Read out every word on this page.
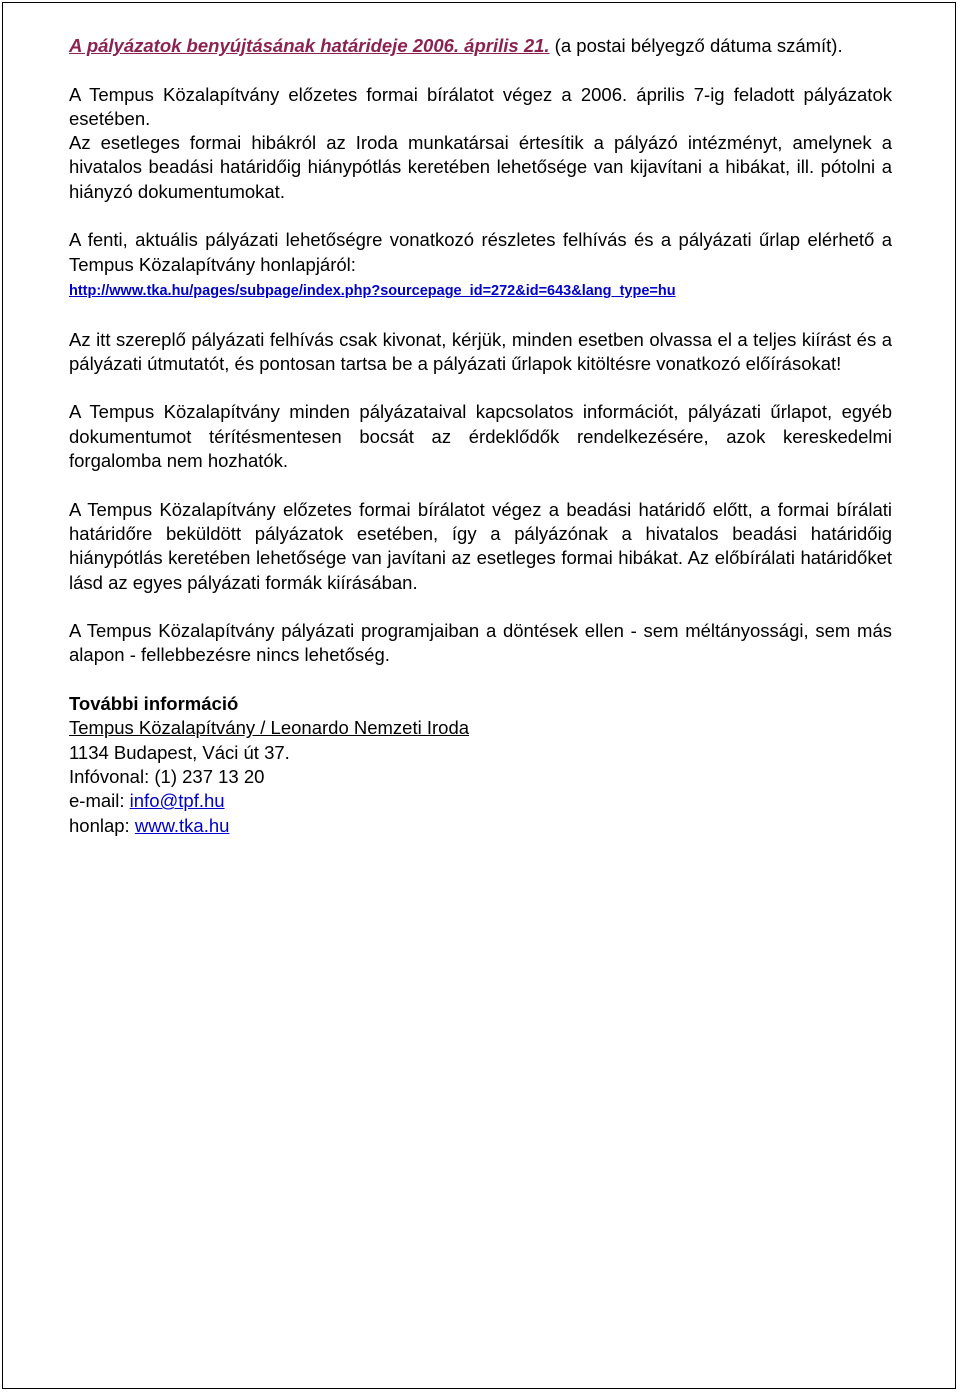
A pályázatok benyújtásának határideje 2006. április 21. (a postai bélyegző dátuma számít).

A Tempus Közalapítvány előzetes formai bírálatot végez a 2006. április 7-ig feladott pályázatok esetében.

Az esetleges formai hibákról az Iroda munkatársai értesítik a pályázó intézményt, amelynek a hivatalos beadási határidőig hiánypótlás keretében lehetősége van kijavítani a hibákat, ill. pótolni a hiányzó dokumentumokat.

A fenti, aktuális pályázati lehetőségre vonatkozó részletes felhívás és a pályázati űrlap elérhető a Tempus Közalapítvány honlapjáról:

http://www.tka.hu/pages/subpage/index.php?sourcepage_id=272&id=643&lang_type=hu

Az itt szereplő pályázati felhívás csak kivonat, kérjük, minden esetben olvassa el a teljes kiírást és a pályázati útmutatót, és pontosan tartsa be a pályázati űrlapok kitöltésre vonatkozó előírásokat!

A Tempus Közalapítvány minden pályázataival kapcsolatos információt, pályázati űrlapot, egyéb dokumentumot térítésmentesen bocsát az érdeklődők rendelkezésére, azok kereskedelmi forgalomba nem hozhatók.

A Tempus Közalapítvány előzetes formai bírálatot végez a beadási határidő előtt, a formai bírálati határidőre beküldött pályázatok esetében, így a pályázónak a hivatalos beadási határidőig hiánypótlás keretében lehetősége van javítani az esetleges formai hibákat. Az előbírálati határidőket lásd az egyes pályázati formák kiírásában.

A Tempus Közalapítvány pályázati programjaiban a döntések ellen - sem méltányossági, sem más alapon - fellebbezésre nincs lehetőség.

További információ

Tempus Közalapítvány / Leonardo Nemzeti Iroda

1134 Budapest, Váci út 37.

Infóvonal: (1) 237 13 20

e-mail: info@tpf.hu

honlap: www.tka.hu
